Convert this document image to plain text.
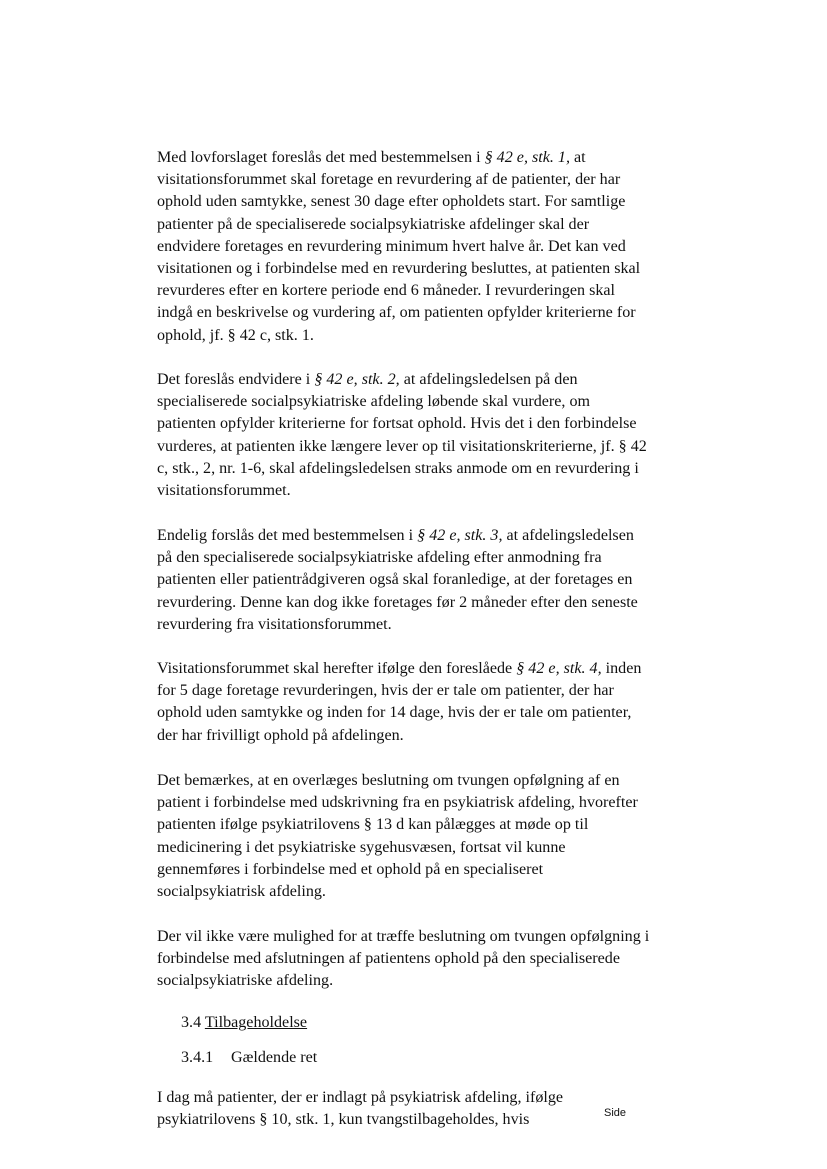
Med lovforslaget foreslås det med bestemmelsen i § 42 e, stk. 1, at
visitationsforummet skal foretage en revurdering af de patienter, der har
ophold uden samtykke, senest 30 dage efter opholdets start. For samtlige
patienter på de specialiserede socialpsykiatriske afdelinger skal der
endvidere foretages en revurdering minimum hvert halve år. Det kan ved
visitationen og i forbindelse med en revurdering besluttes, at patienten skal
revurderes efter en kortere periode end 6 måneder. I revurderingen skal
indgå en beskrivelse og vurdering af, om patienten opfylder kriterierne for
ophold, jf. § 42 c, stk. 1.
Det foreslås endvidere i § 42 e, stk. 2, at afdelingsledelsen på den
specialiserede socialpsykiatriske afdeling løbende skal vurdere, om
patienten opfylder kriterierne for fortsat ophold. Hvis det i den forbindelse
vurderes, at patienten ikke længere lever op til visitationskriterierne, jf. § 42
c, stk., 2, nr. 1-6, skal afdelingsledelsen straks anmode om en revurdering i
visitationsforummet.
Endelig forslås det med bestemmelsen i § 42 e, stk. 3, at afdelingsledelsen
på den specialiserede socialpsykiatriske afdeling efter anmodning fra
patienten eller patientrådgiveren også skal foranledige, at der foretages en
revurdering. Denne kan dog ikke foretages før 2 måneder efter den seneste
revurdering fra visitationsforummet.
Visitationsforummet skal herefter ifølge den foreslåede § 42 e, stk. 4, inden
for 5 dage foretage revurderingen, hvis der er tale om patienter, der har
ophold uden samtykke og inden for 14 dage, hvis der er tale om patienter,
der har frivilligt ophold på afdelingen.
Det bemærkes, at en overlæges beslutning om tvungen opfølgning af en
patient i forbindelse med udskrivning fra en psykiatrisk afdeling, hvorefter
patienten ifølge psykiatrilovens § 13 d kan pålægges at møde op til
medicinering i det psykiatriske sygehusvæsen, fortsat vil kunne
gennemføres i forbindelse med et ophold på en specialiseret
socialpsykiatrisk afdeling.
Der vil ikke være mulighed for at træffe beslutning om tvungen opfølgning i
forbindelse med afslutningen af patientens ophold på den specialiserede
socialpsykiatriske afdeling.
3.4 Tilbageholdelse
3.4.1 Gældende ret
I dag må patienter, der er indlagt på psykiatrisk afdeling, ifølge
psykiatrilovens § 10, stk. 1, kun tvangstilbageholdes, hvis	Side
